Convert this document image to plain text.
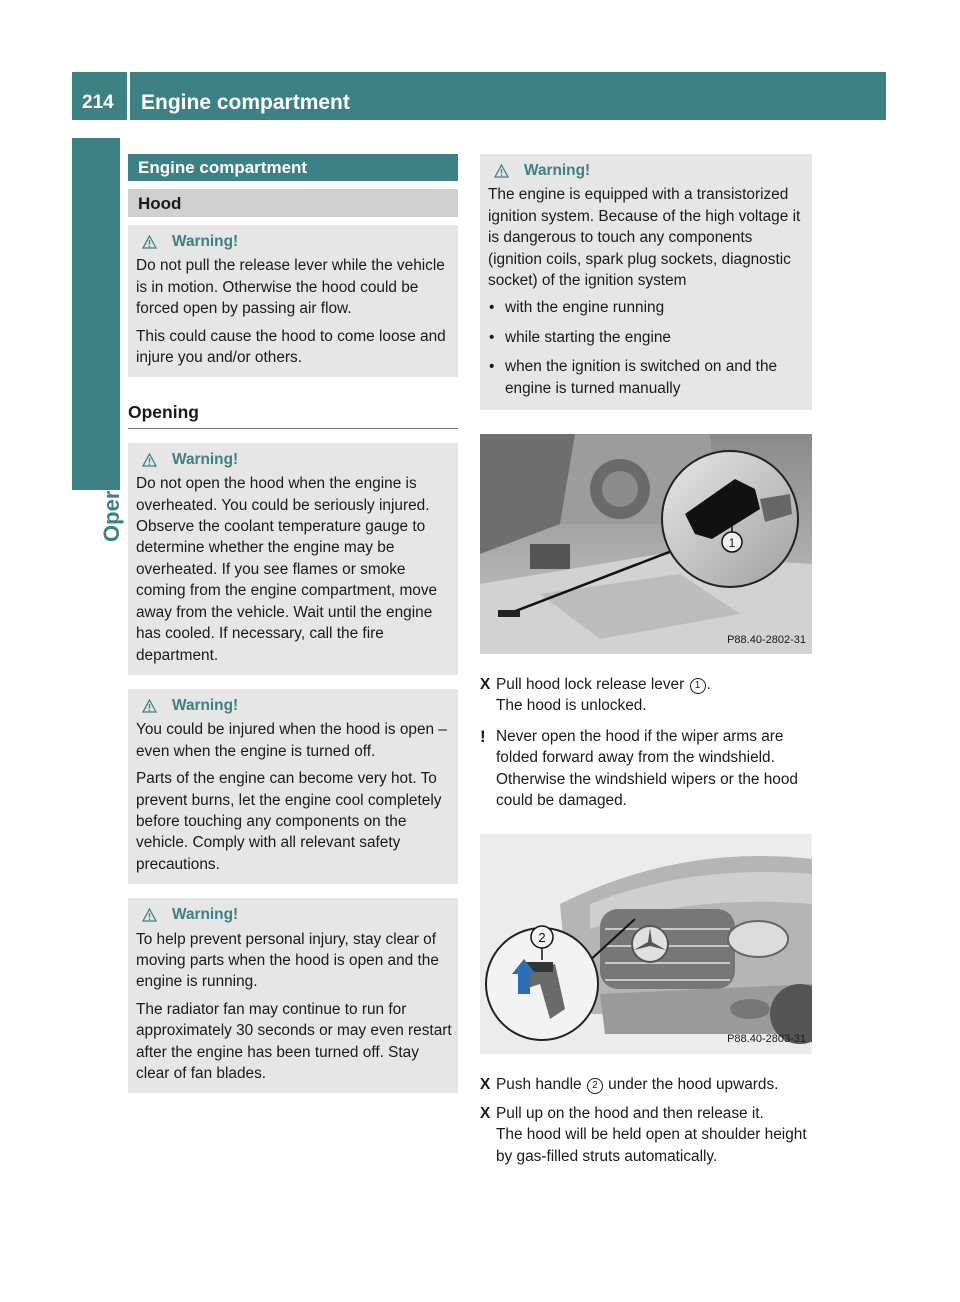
214	Engine compartment
Operation
Engine compartment
Hood
Warning!

Do not pull the release lever while the vehicle is in motion. Otherwise the hood could be forced open by passing air flow.

This could cause the hood to come loose and injure you and/or others.

Opening
Warning!

Do not open the hood when the engine is overheated. You could be seriously injured. Observe the coolant temperature gauge to determine whether the engine may be overheated. If you see flames or smoke coming from the engine compartment, move away from the vehicle. Wait until the engine has cooled. If necessary, call the fire department.

Warning!

You could be injured when the hood is open – even when the engine is turned off.

Parts of the engine can become very hot. To prevent burns, let the engine cool completely before touching any components on the vehicle. Comply with all relevant safety precautions.

Warning!

To help prevent personal injury, stay clear of moving parts when the hood is open and the engine is running.

The radiator fan may continue to run for approximately 30 seconds or may even restart after the engine has been turned off. Stay clear of fan blades.

Warning!

The engine is equipped with a transistorized ignition system. Because of the high voltage it is dangerous to touch any components (ignition coils, spark plug sockets, diagnostic socket) of the ignition system

• with the engine running
• while starting the engine
• when the ignition is switched on and the engine is turned manually
1
P88.40-2802-31
X Pull hood lock release lever 1 .
The hood is unlocked.
! Never open the hood if the wiper arms are folded forward away from the windshield. Otherwise the windshield wipers or the hood could be damaged.
2
P88.40-2803-31
X Push handle 2 under the hood upwards.
X Pull up on the hood and then release it.
The hood will be held open at shoulder height by gas-filled struts automatically.
